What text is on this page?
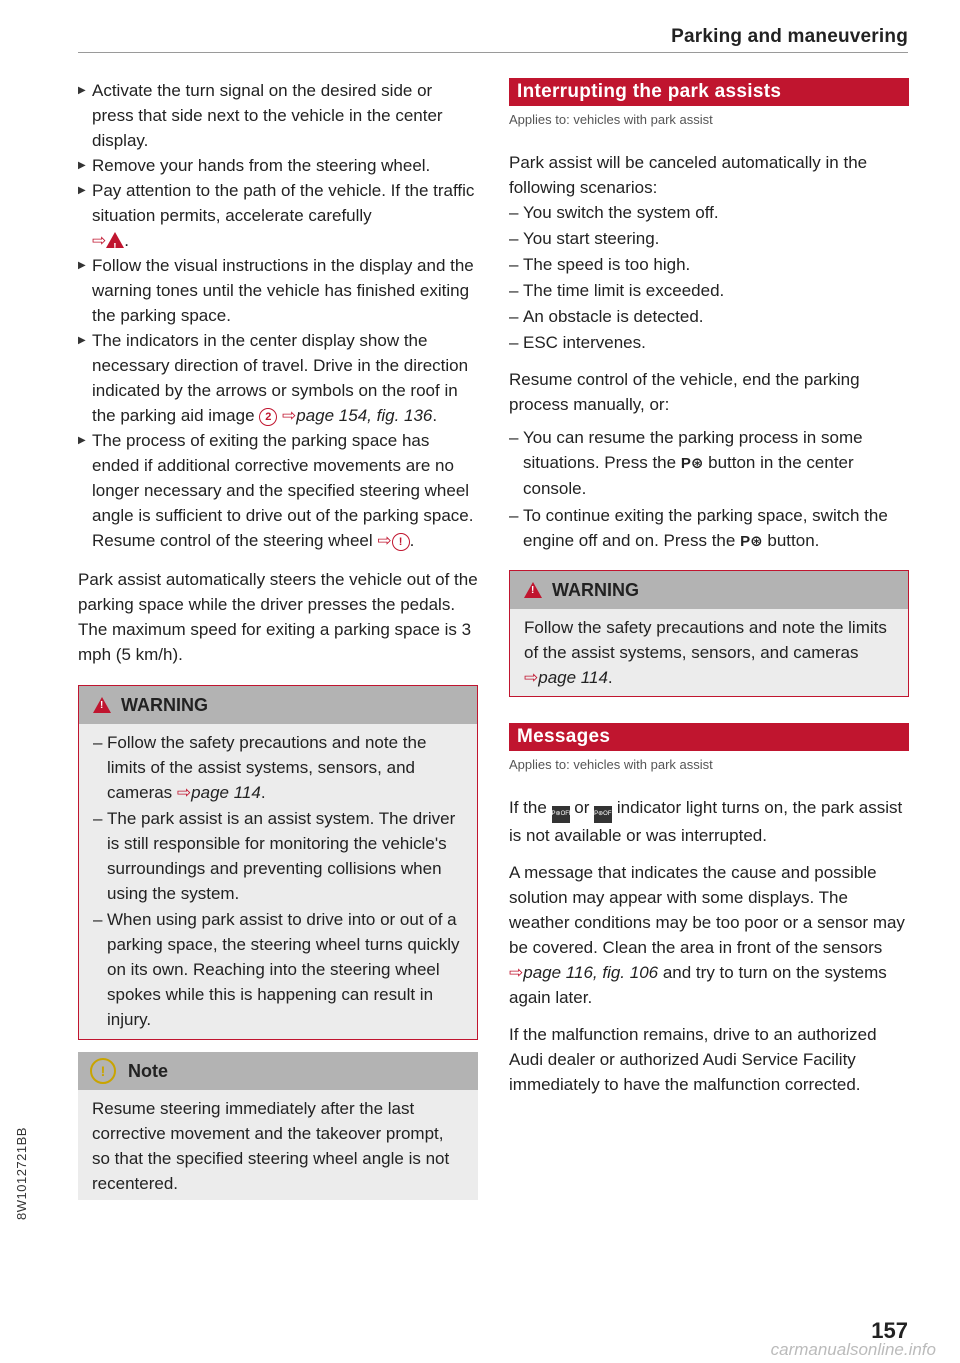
Parking and maneuvering
▶ Activate the turn signal on the desired side or press that side next to the vehicle in the center display.
▶ Remove your hands from the steering wheel.
▶ Pay attention to the path of the vehicle. If the traffic situation permits, accelerate carefully
⇨! .
▶ Follow the visual instructions in the display and the warning tones until the vehicle has finished exiting the parking space.
▶ The indicators in the center display show the necessary direction of travel. Drive in the direction indicated by the arrows or symbols on the roof in the parking aid image 2 ⇨page 154, fig. 136.
▶ The process of exiting the parking space has ended if additional corrective movements are no longer necessary and the specified steering wheel angle is sufficient to drive out of the parking space. Resume control of the steering wheel ⇨ ! .

Park assist automatically steers the vehicle out of the parking space while the driver presses the pedals. The maximum speed for exiting a parking space is 3 mph (5 km/h).

!
WARNING
– Follow the safety precautions and note the limits of the assist systems, sensors, and cameras ⇨page 114.
– The park assist is an assist system. The driver is still responsible for monitoring the vehicle's surroundings and preventing collisions when using the system.
– When using park assist to drive into or out of a parking space, the steering wheel turns quickly on its own. Reaching into the steering wheel spokes while this is happening can result in injury.
!	Note

Resume steering immediately after the last corrective movement and the takeover prompt, so that the specified steering wheel angle is not recentered.

Interrupting the park assists
Applies to: vehicles with park assist

Park assist will be canceled automatically in the following scenarios:

– You switch the system off.
– You start steering.
– The speed is too high.
– The time limit is exceeded.
– An obstacle is detected.
– ESC intervenes.

Resume control of the vehicle, end the parking process manually, or:

– You can resume the parking process in some situations. Press the P⊛ button in the center console.
– To continue exiting the parking space, switch the engine off and on. Press the P⊛ button.
!
WARNING

Follow the safety precautions and note the limits of the assist systems, sensors, and cameras ⇨page 114.

Messages
Applies to: vehicles with park assist

If the P⊛OFF or P⊛OFF indicator light turns on, the park assist is not available or was interrupted.

A message that indicates the cause and possible solution may appear with some displays. The weather conditions may be too poor or a sensor may be covered. Clean the area in front of the sensors ⇨page 116, fig. 106 and try to turn on the systems again later.

If the malfunction remains, drive to an authorized Audi dealer or authorized Audi Service Facility immediately to have the malfunction corrected.

8W1012721BB
157
carmanualsonline.info
